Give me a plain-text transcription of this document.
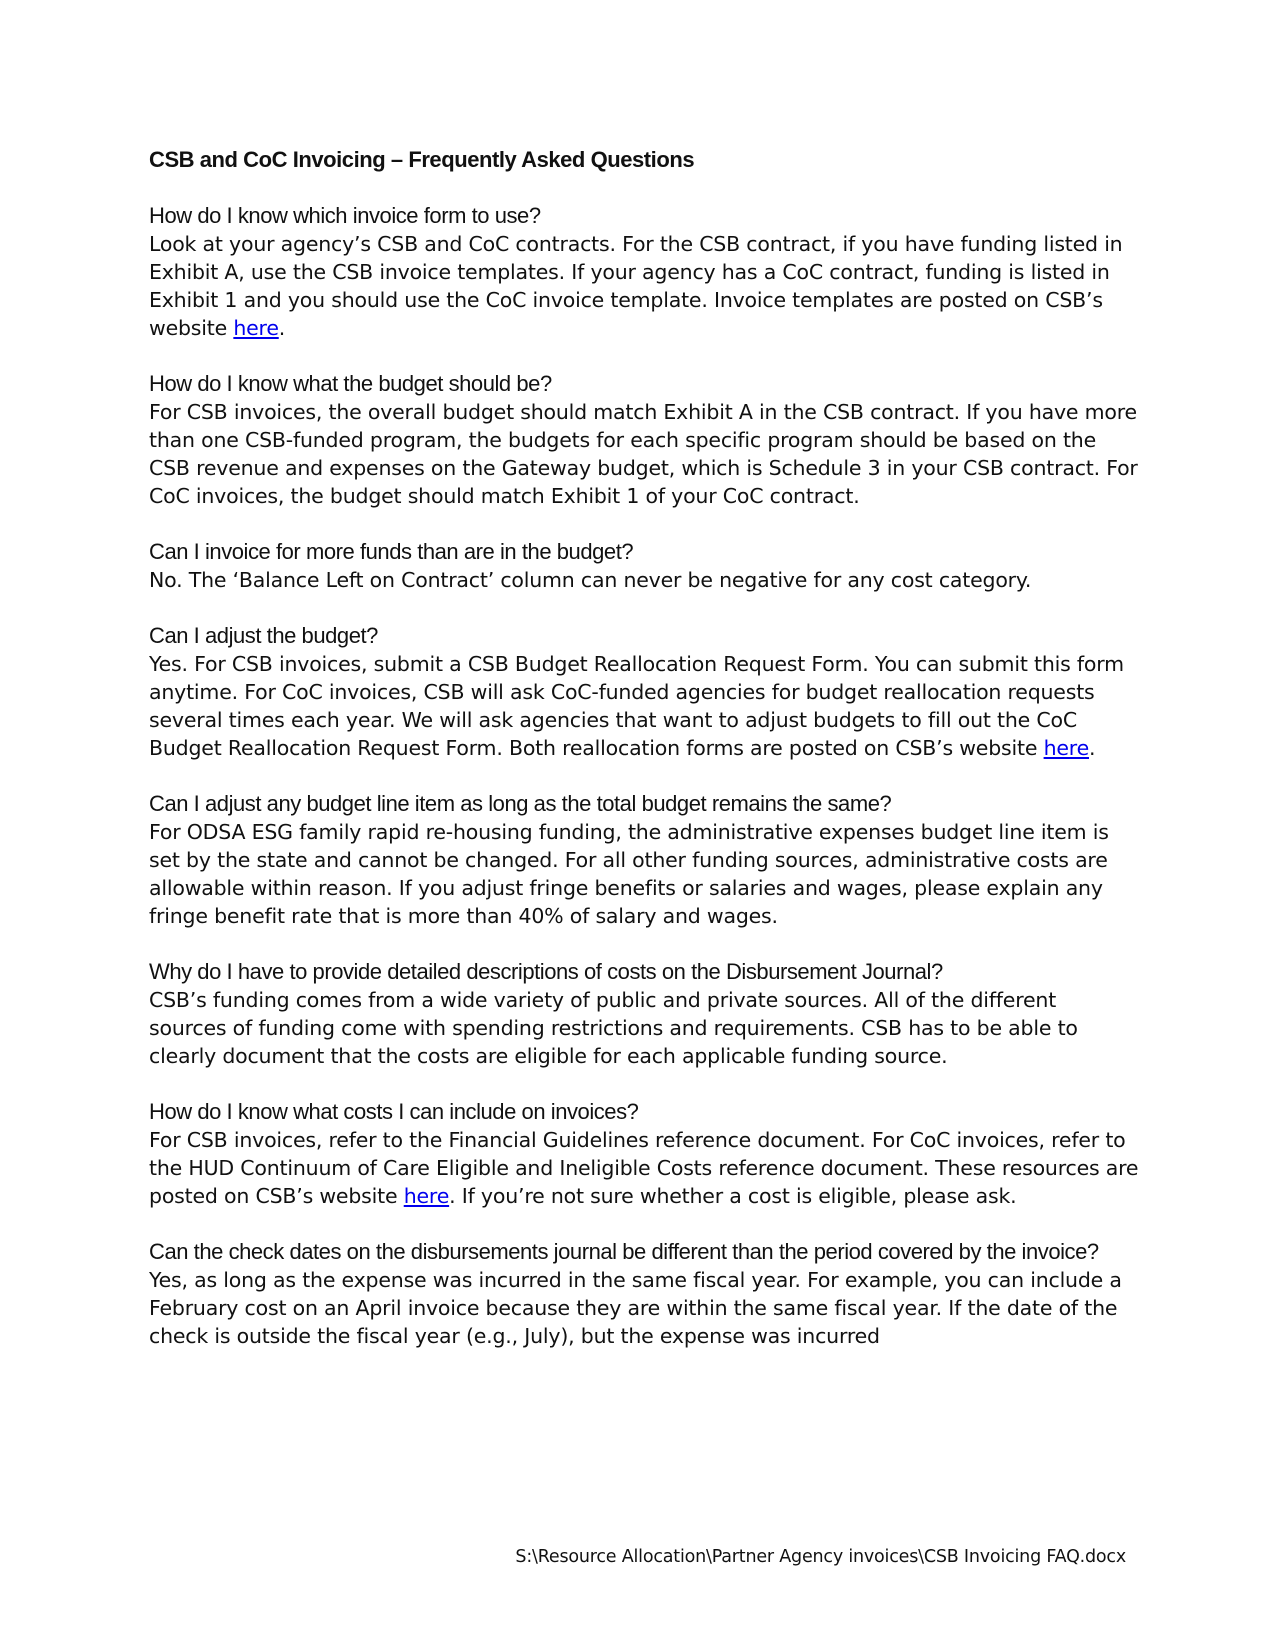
CSB and CoC Invoicing – Frequently Asked Questions
How do I know which invoice form to use?

Look at your agency’s CSB and CoC contracts. For the CSB contract, if you have funding listed in Exhibit A, use the CSB invoice templates. If your agency has a CoC contract, funding is listed in Exhibit 1 and you should use the CoC invoice template. Invoice templates are posted on CSB’s website here.

How do I know what the budget should be?

For CSB invoices, the overall budget should match Exhibit A in the CSB contract. If you have more than one CSB-funded program, the budgets for each specific program should be based on the CSB revenue and expenses on the Gateway budget, which is Schedule 3 in your CSB contract. For CoC invoices, the budget should match Exhibit 1 of your CoC contract.

Can I invoice for more funds than are in the budget?

No. The ‘Balance Left on Contract’ column can never be negative for any cost category.

Can I adjust the budget?

Yes. For CSB invoices, submit a CSB Budget Reallocation Request Form. You can submit this form anytime. For CoC invoices, CSB will ask CoC-funded agencies for budget reallocation requests several times each year. We will ask agencies that want to adjust budgets to fill out the CoC Budget Reallocation Request Form. Both reallocation forms are posted on CSB’s website here.

Can I adjust any budget line item as long as the total budget remains the same?

For ODSA ESG family rapid re-housing funding, the administrative expenses budget line item is set by the state and cannot be changed. For all other funding sources, administrative costs are allowable within reason. If you adjust fringe benefits or salaries and wages, please explain any fringe benefit rate that is more than 40% of salary and wages.

Why do I have to provide detailed descriptions of costs on the Disbursement Journal?

CSB’s funding comes from a wide variety of public and private sources. All of the different sources of funding come with spending restrictions and requirements. CSB has to be able to clearly document that the costs are eligible for each applicable funding source.

How do I know what costs I can include on invoices?

For CSB invoices, refer to the Financial Guidelines reference document. For CoC invoices, refer to the HUD Continuum of Care Eligible and Ineligible Costs reference document. These resources are posted on CSB’s website here. If you’re not sure whether a cost is eligible, please ask.

Can the check dates on the disbursements journal be different than the period covered by the invoice?

Yes, as long as the expense was incurred in the same fiscal year. For example, you can include a February cost on an April invoice because they are within the same fiscal year. If the date of the check is outside the fiscal year (e.g., July), but the expense was incurred

S:\Resource Allocation\Partner Agency invoices\CSB Invoicing FAQ.docx
